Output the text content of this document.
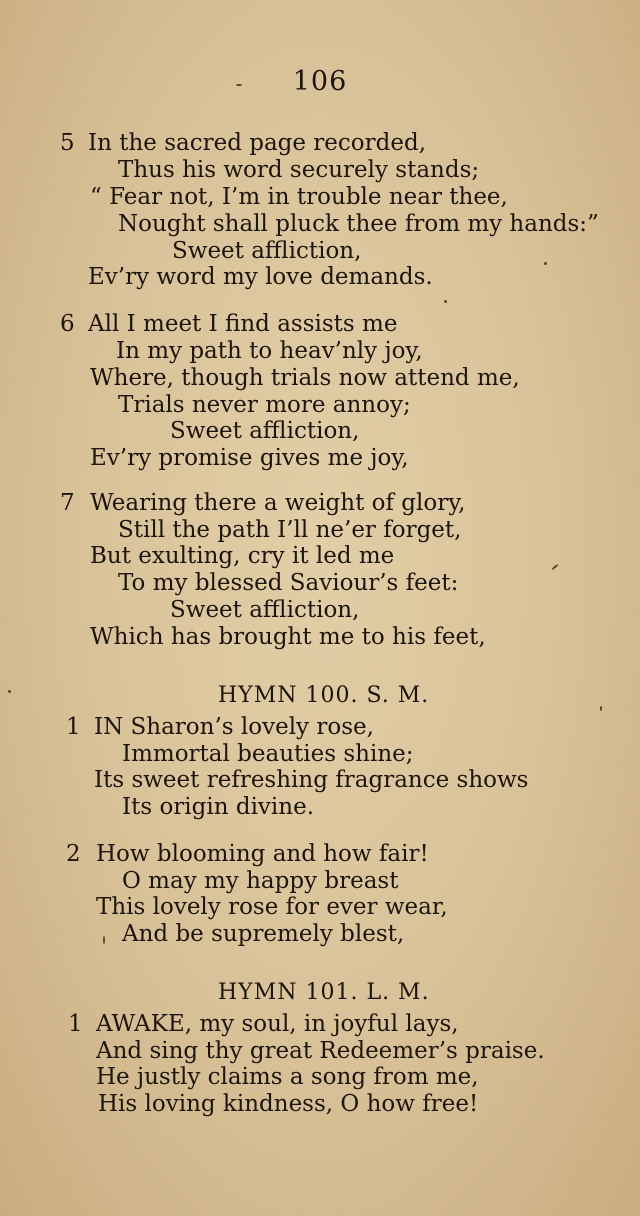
106
5 In the sacred page recorded,
Thus his word securely stands;
“ Fear not, I’m in trouble near thee,
Nought shall pluck thee from my hands:”
Sweet affliction,
Ev’ry word my love demands.
6 All I meet I find assists me
In my path to heav’nly joy,
Where, though trials now attend me,
Trials never more annoy;
Sweet affliction,
Ev’ry promise gives me joy,
7 Wearing there a weight of glory,
Still the path I’ll ne’er forget,
But exulting, cry it led me
To my blessed Saviour’s feet:
Sweet affliction,
Which has brought me to his feet,
HYMN 100. S. M.
1 IN Sharon’s lovely rose,
Immortal beauties shine;
Its sweet refreshing fragrance shows
Its origin divine.
2 How blooming and how fair!
O may my happy breast
This lovely rose for ever wear,
And be supremely blest,
HYMN 101. L. M.
1 AWAKE, my soul, in joyful lays,
And sing thy great Redeemer’s praise.
He justly claims a song from me,
His loving kindness, O how free!
